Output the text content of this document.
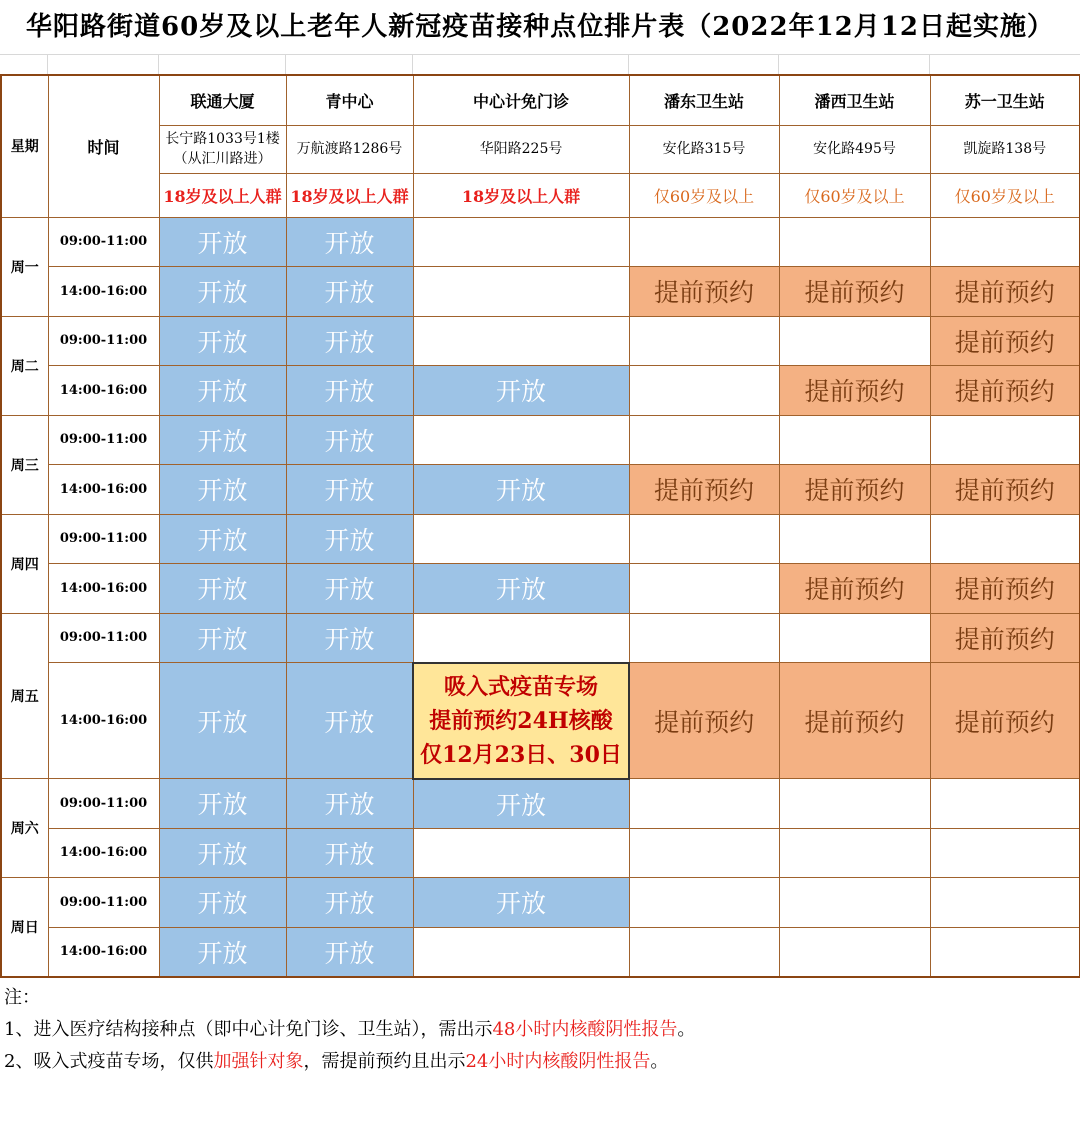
华阳路街道60岁及以上老年人新冠疫苗接种点位排片表（2022年12月12日起实施）
星期	时间	联通大厦	青中心	中心计免门诊	潘东卫生站	潘西卫生站	苏一卫生站

		长宁路1033号1楼
（从汇川路进）	万航渡路1286号	华阳路225号	安化路315号	安化路495号	凯旋路138号
		18岁及以上人群	18岁及以上人群	18岁及以上人群	仅60岁及以上	仅60岁及以上	仅60岁及以上
周一	09:00-11:00	开放	开放				
	14:00-16:00	开放	开放		提前预约	提前预约	提前预约
周二	09:00-11:00	开放	开放				提前预约
	14:00-16:00	开放	开放	开放		提前预约	提前预约
周三	09:00-11:00	开放	开放				
	14:00-16:00	开放	开放	开放	提前预约	提前预约	提前预约
周四	09:00-11:00	开放	开放				
	14:00-16:00	开放	开放	开放		提前预约	提前预约
周五	09:00-11:00	开放	开放				提前预约
	14:00-16:00	开放	开放	吸入式疫苗专场
提前预约24H核酸
仅12月23日、30日	提前预约	提前预约	提前预约
周六	09:00-11:00	开放	开放	开放			
	14:00-16:00	开放	开放				
周日	09:00-11:00	开放	开放	开放			
	14:00-16:00	开放	开放				
注：
1、进入医疗结构接种点（即中心计免门诊、卫生站），需出示48小时内核酸阴性报告。
2、吸入式疫苗专场，仅供加强针对象，需提前预约且出示24小时内核酸阴性报告。
